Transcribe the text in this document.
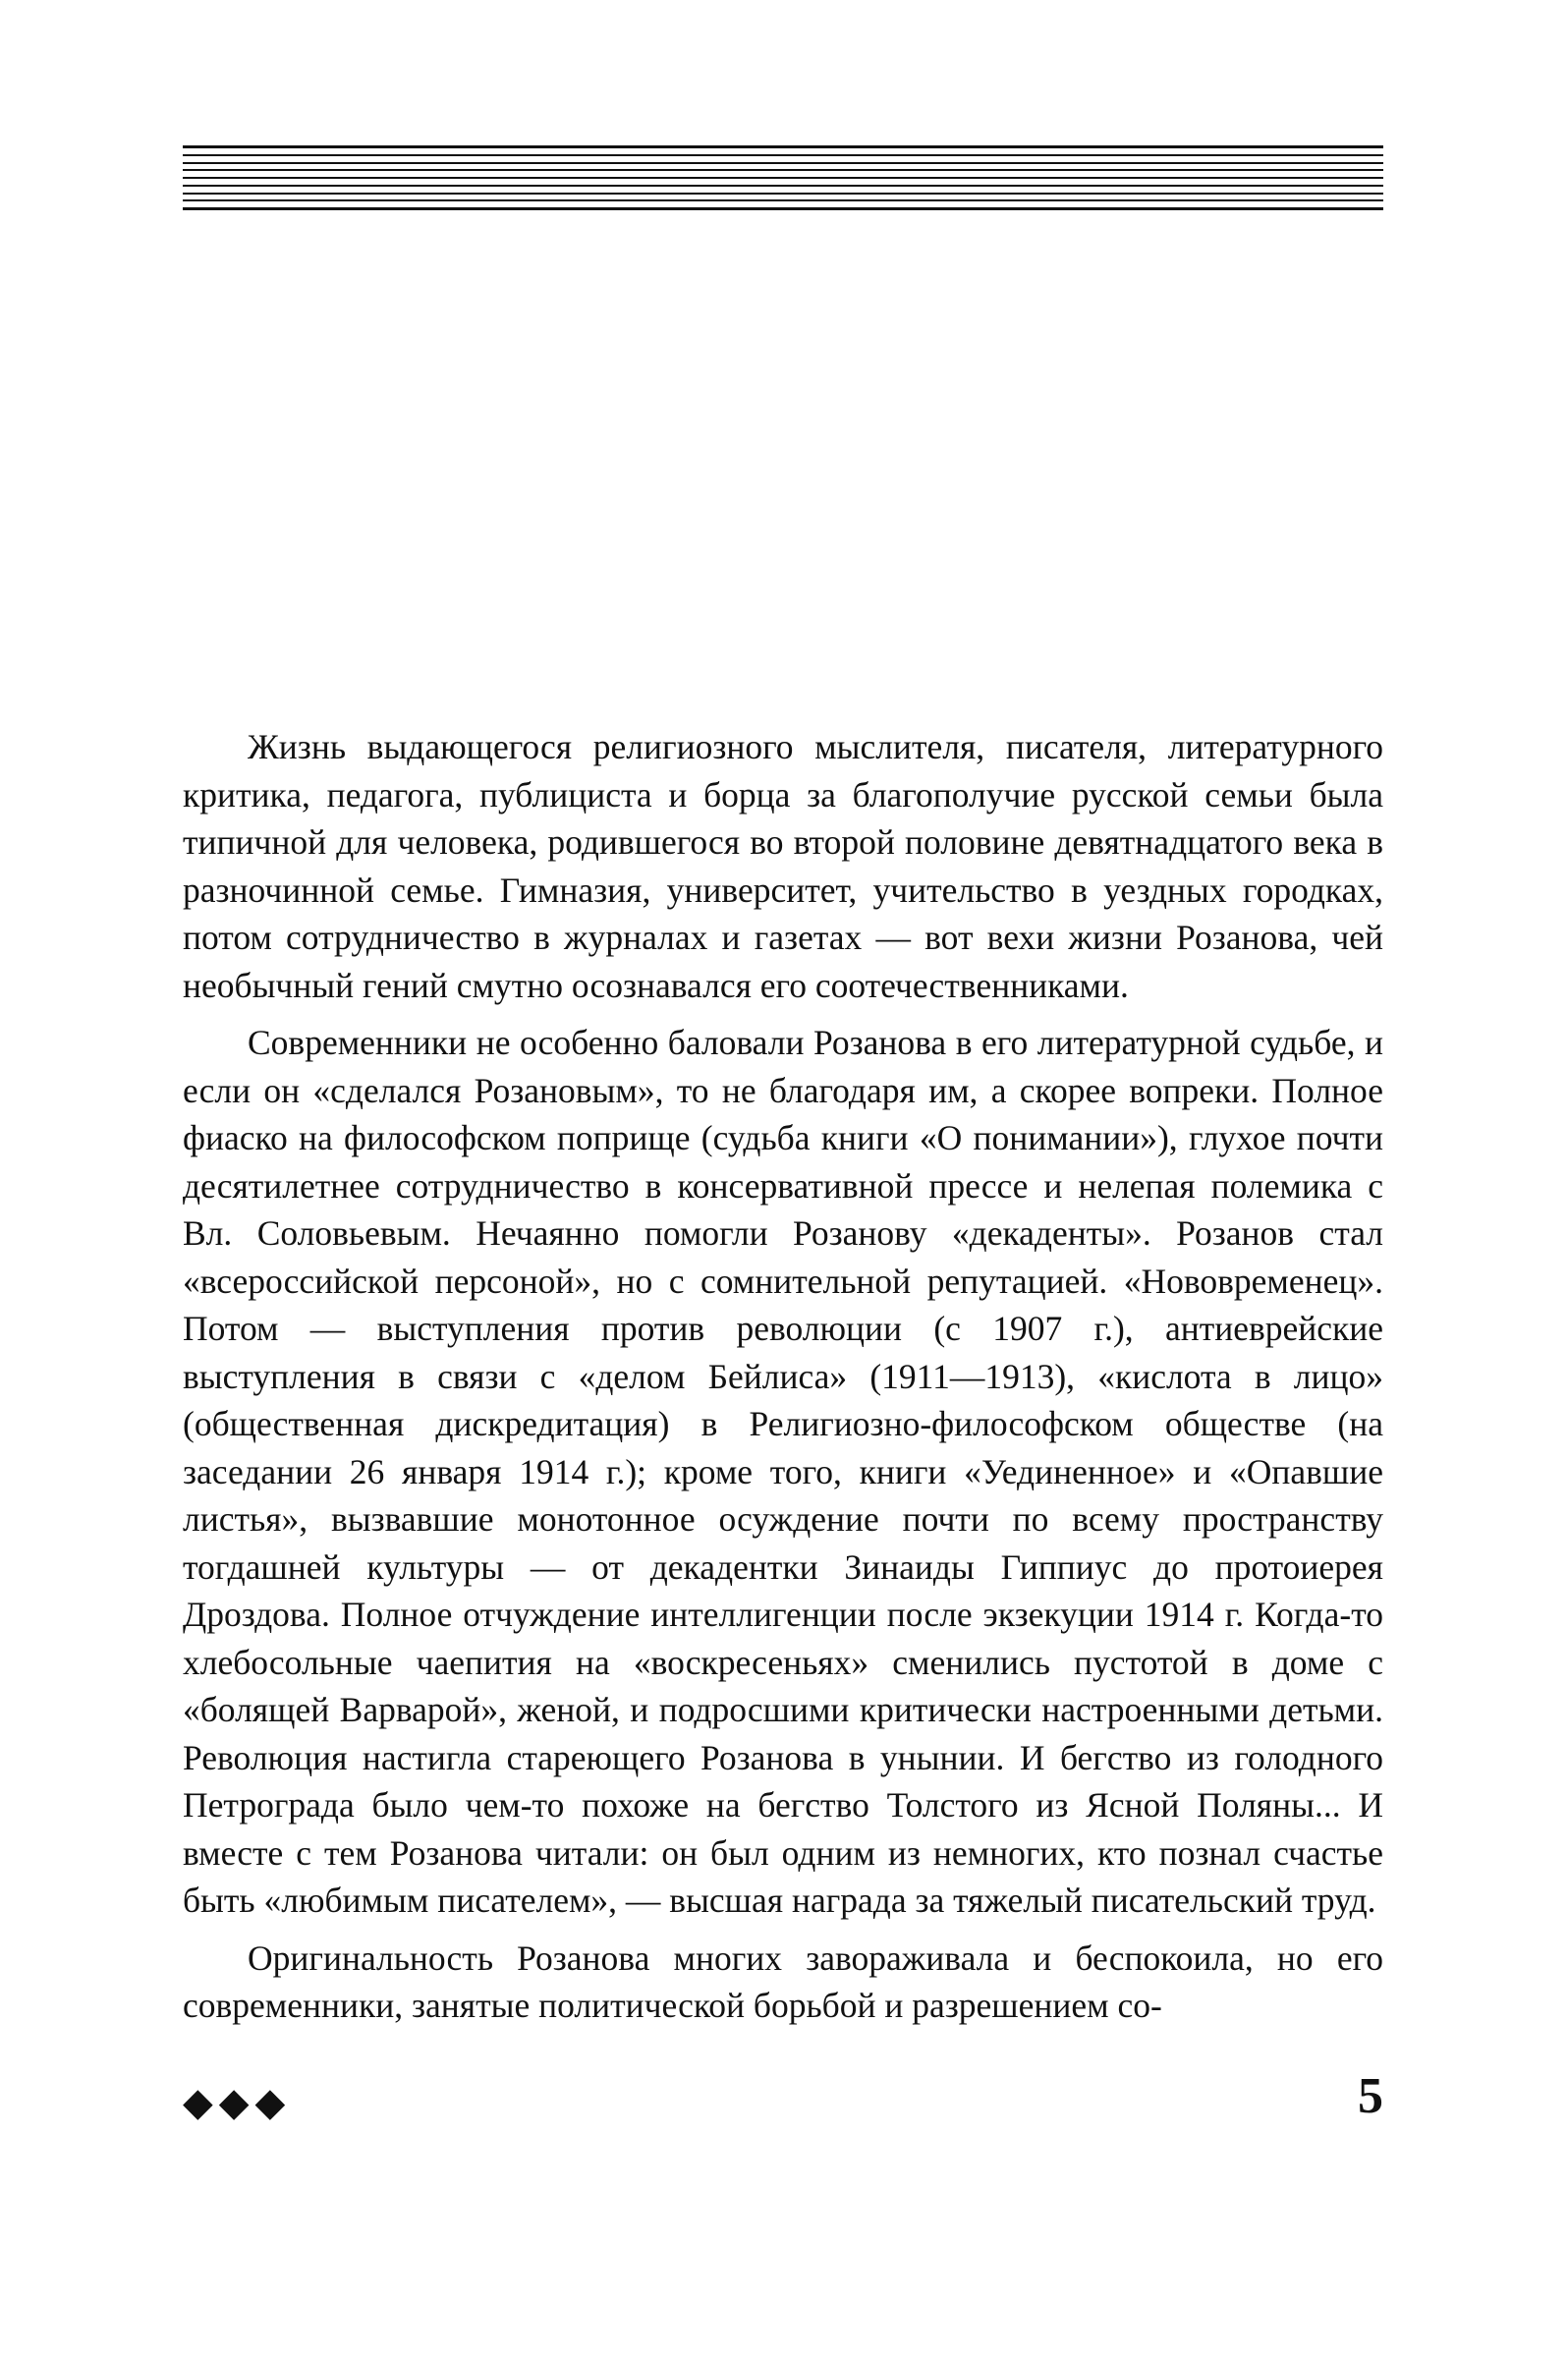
Жизнь выдающегося религиозного мыслителя, писателя, литературного критика, педагога, публициста и борца за благополучие русской семьи была типичной для человека, родившегося во второй половине девятнадцатого века в разночинной семье. Гимназия, университет, учительство в уездных городках, потом сотрудничество в журналах и газетах — вот вехи жизни Розанова, чей необычный гений смутно осознавался его соотечественниками.

Современники не особенно баловали Розанова в его литературной судьбе, и если он «сделался Розановым», то не благодаря им, а скорее вопреки. Полное фиаско на философском поприще (судьба книги «О понимании»), глухое почти десятилетнее сотрудничество в консервативной прессе и нелепая полемика с Вл. Соловьевым. Нечаянно помогли Розанову «декаденты». Розанов стал «всероссийской персоной», но с сомнительной репутацией. «Нововременец». Потом — выступления против революции (с 1907 г.), антиеврейские выступления в связи с «делом Бейлиса» (1911—1913), «кислота в лицо» (общественная дискредитация) в Религиозно-философском обществе (на заседании 26 января 1914 г.); кроме того, книги «Уединенное» и «Опавшие листья», вызвавшие монотонное осуждение почти по всему пространству тогдашней культуры — от декадентки Зинаиды Гиппиус до протоиерея Дроздова. Полное отчуждение интеллигенции после экзекуции 1914 г. Когда-то хлебосольные чаепития на «воскресеньях» сменились пустотой в доме с «болящей Варварой», женой, и подросшими критически настроенными детьми. Революция настигла стареющего Розанова в унынии. И бегство из голодного Петрограда было чем-то похоже на бегство Толстого из Ясной Поляны... И вместе с тем Розанова читали: он был одним из немногих, кто познал счастье быть «любимым писателем», — высшая награда за тяжелый писательский труд.

Оригинальность Розанова многих завораживала и беспокоила, но его современники, занятые политической борьбой и разрешением со-

◆◆◆	5
